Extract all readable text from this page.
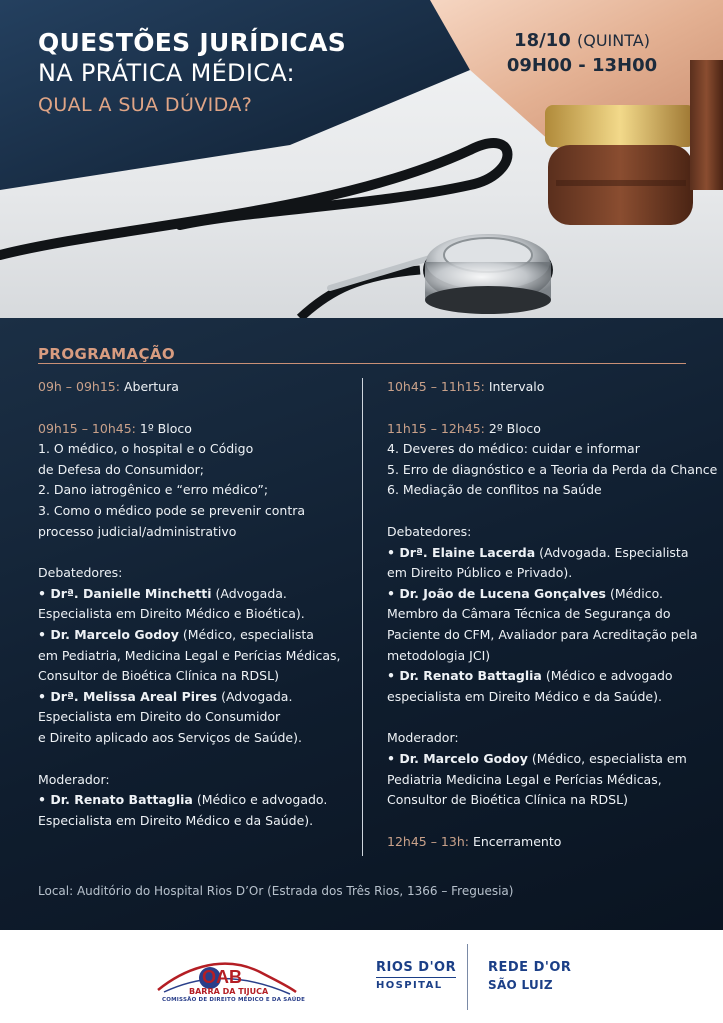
QUESTÕES JURÍDICAS
NA PRÁTICA MÉDICA:
QUAL A SUA DÚVIDA?
18/10 (QUINTA)
09H00 - 13H00
PROGRAMAÇÃO

09h – 09h15: Abertura

09h15 – 10h45: 1º Bloco

1. O médico, o hospital e o Código

de Defesa do Consumidor;

2. Dano iatrogênico e “erro médico”;

3. Como o médico pode se prevenir contra

processo judicial/administrativo

Debatedores:

• Drª. Danielle Minchetti (Advogada.

Especialista em Direito Médico e Bioética).

• Dr. Marcelo Godoy (Médico, especialista

em Pediatria, Medicina Legal e Perícias Médicas,

Consultor de Bioética Clínica na RDSL)

• Drª. Melissa Areal Pires (Advogada.

Especialista em Direito do Consumidor

e Direito aplicado aos Serviços de Saúde).

Moderador:

• Dr. Renato Battaglia (Médico e advogado.

Especialista em Direito Médico e da Saúde).

10h45 – 11h15: Intervalo

11h15 – 12h45: 2º Bloco

4. Deveres do médico: cuidar e informar

5. Erro de diagnóstico e a Teoria da Perda da Chance

6. Mediação de conflitos na Saúde

Debatedores:

• Drª. Elaine Lacerda (Advogada. Especialista

em Direito Público e Privado).

• Dr. João de Lucena Gonçalves (Médico.

Membro da Câmara Técnica de Segurança do

Paciente do CFM, Avaliador para Acreditação pela

metodologia JCI)

• Dr. Renato Battaglia (Médico e advogado

especialista em Direito Médico e da Saúde).

Moderador:

• Dr. Marcelo Godoy (Médico, especialista em

Pediatria Medicina Legal e Perícias Médicas,

Consultor de Bioética Clínica na RDSL)

12h45 – 13h: Encerramento

Local: Auditório do Hospital Rios D’Or (Estrada dos Três Rios, 1366 – Freguesia)
OAB
BARRA DA TIJUCA
COMISSÃO DE DIREITO MÉDICO E DA SAÚDE
RIOS D'OR
HOSPITAL
REDE D'OR
SÃO LUIZ
